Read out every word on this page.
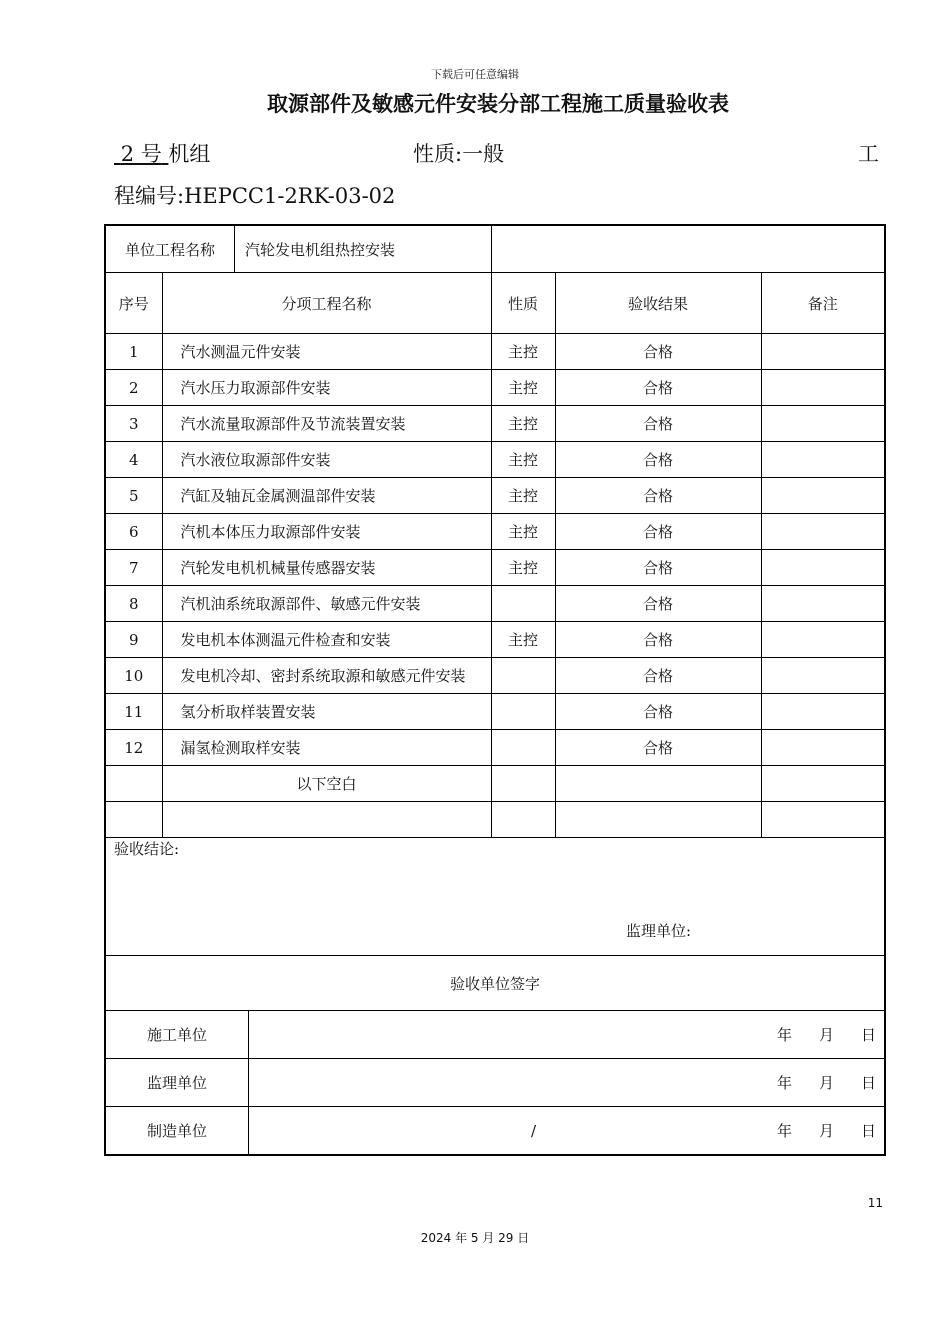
下载后可任意编辑
取源部件及敏感元件安装分部工程施工质量验收表
2 号 机组	性质:一般	工
程编号:HEPCC1-2RK-03-02
单位工程名称 汽轮发电机组热控安装				

序号	分项工程名称	性质	验收结果	备注
1	汽水测温元件安装	主控	合格	
2	汽水压力取源部件安装	主控	合格	
3	汽水流量取源部件及节流装置安装	主控	合格	
4	汽水液位取源部件安装	主控	合格	
5	汽缸及轴瓦金属测温部件安装	主控	合格	
6	汽机本体压力取源部件安装	主控	合格	
7	汽轮发电机机械量传感器安装	主控	合格	
8	汽机油系统取源部件、敏感元件安装		合格	
9	发电机本体测温元件检查和安装	主控	合格	
10	发电机冷却、密封系统取源和敏感元件安装		合格	
11	氢分析取样装置安装		合格	
12	漏氢检测取样安装		合格	
	以下空白			

验收结论:
监理单位:				

验收单位签字				

施工单位 年 月 日				

监理单位 年 月 日				

制造单位 / 年 月 日				
11
2024 年 5 月 29 日
